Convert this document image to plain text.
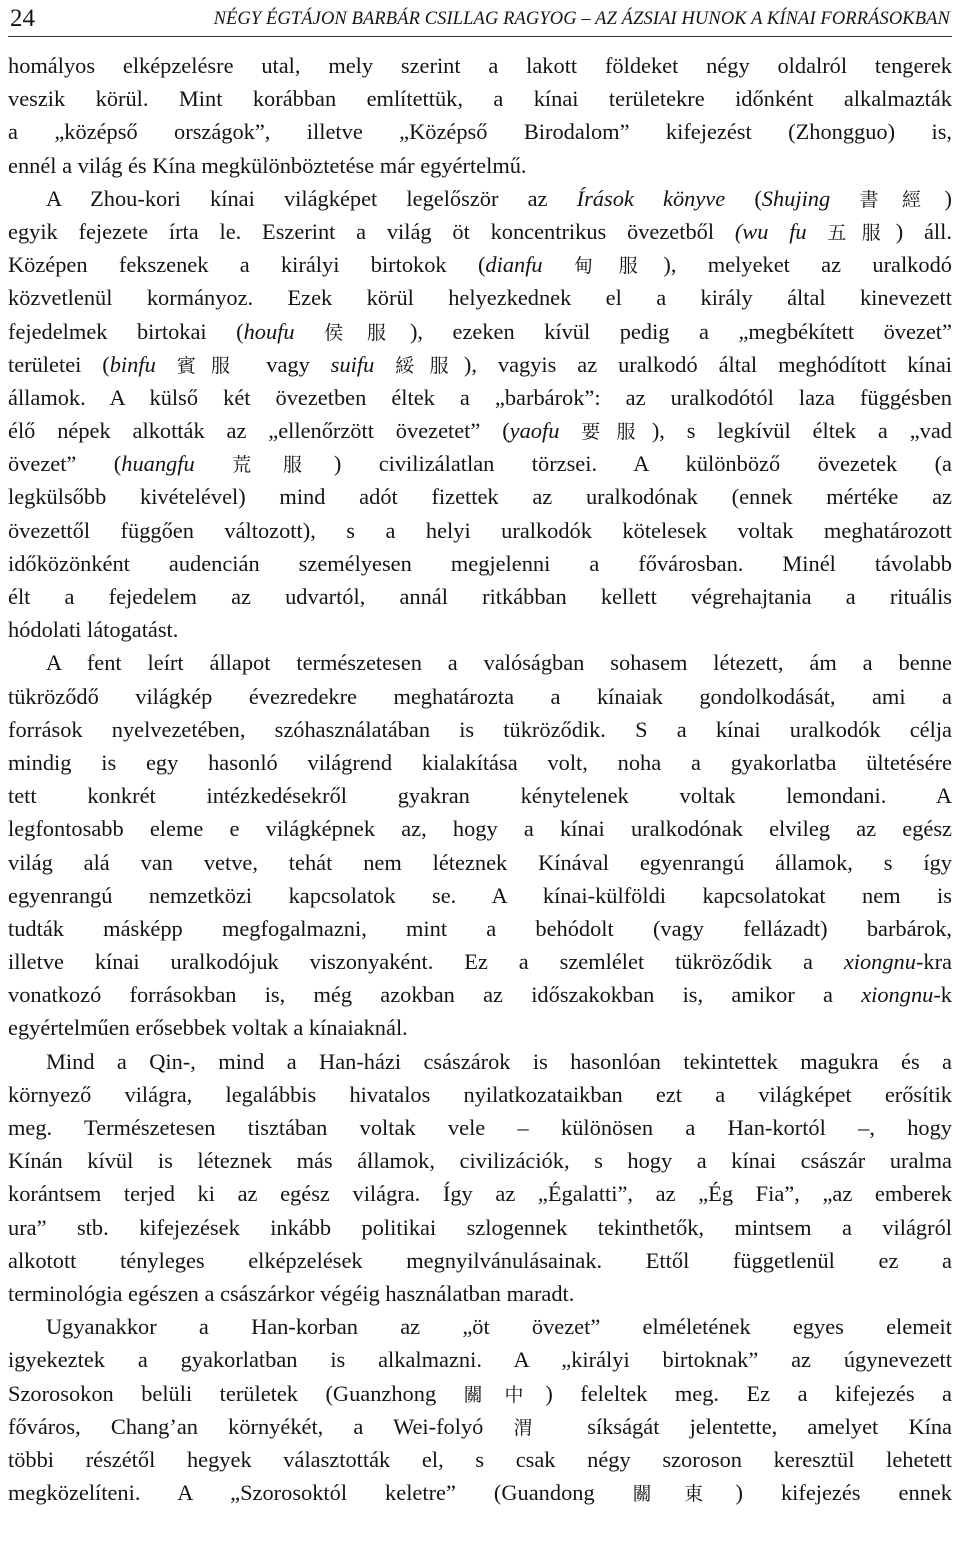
24	NÉGY ÉGTÁJON BARBÁR CSILLAG RAGYOG – AZ ÁZSIAI HUNOK A KÍNAI FORRÁSOKBAN
homályos elképzelésre utal, mely szerint a lakott földeket négy oldalról tengerek
veszik körül. Mint korábban említettük, a kínai területekre időnként alkalmazták
a „középső országok”, illetve „Középső Birodalom” kifejezést (Zhongguo) is,
ennél a világ és Kína megkülönböztetése már egyértelmű.
A Zhou-kori kínai világképet legelőször az Írások könyve (Shujing 書經)
egyik fejezete írta le. Eszerint a világ öt koncentrikus övezetből (wu fu 五服) áll.
Középen fekszenek a királyi birtokok (dianfu 甸服), melyeket az uralkodó
közvetlenül kormányoz. Ezek körül helyezkednek el a király által kinevezett
fejedelmek birtokai (houfu 侯服), ezeken kívül pedig a „megbékített övezet”
területei (binfu 賓服 vagy suifu 綏服), vagyis az uralkodó által meghódított kínai
államok. A külső két övezetben éltek a „barbárok”: az uralkodótól laza függésben
élő népek alkották az „ellenőrzött övezetet” (yaofu 要服), s legkívül éltek a „vad
övezet” (huangfu 荒服) civilizálatlan törzsei. A különböző övezetek (a
legkülsőbb kivételével) mind adót fizettek az uralkodónak (ennek mértéke az
övezettől függően változott), s a helyi uralkodók kötelesek voltak meghatározott
időközönként audencián személyesen megjelenni a fővárosban. Minél távolabb
élt a fejedelem az udvartól, annál ritkábban kellett végrehajtania a rituális
hódolati látogatást.
A fent leírt állapot természetesen a valóságban sohasem létezett, ám a benne
tükröződő világkép évezredekre meghatározta a kínaiak gondolkodását, ami a
források nyelvezetében, szóhasználatában is tükröződik. S a kínai uralkodók célja
mindig is egy hasonló világrend kialakítása volt, noha a gyakorlatba ültetésére
tett konkrét intézkedésekről gyakran kénytelenek voltak lemondani. A
legfontosabb eleme e világképnek az, hogy a kínai uralkodónak elvileg az egész
világ alá van vetve, tehát nem léteznek Kínával egyenrangú államok, s így
egyenrangú nemzetközi kapcsolatok se. A kínai-külföldi kapcsolatokat nem is
tudták másképp megfogalmazni, mint a behódolt (vagy fellázadt) barbárok,
illetve kínai uralkodójuk viszonyaként. Ez a szemlélet tükröződik a xiongnu-kra
vonatkozó forrásokban is, még azokban az időszakokban is, amikor a xiongnu-k
egyértelműen erősebbek voltak a kínaiaknál.
Mind a Qin-, mind a Han-házi császárok is hasonlóan tekintettek magukra és a
környező világra, legalábbis hivatalos nyilatkozataikban ezt a világképet erősítik
meg. Természetesen tisztában voltak vele – különösen a Han-kortól –, hogy
Kínán kívül is léteznek más államok, civilizációk, s hogy a kínai császár uralma
korántsem terjed ki az egész világra. Így az „Égalatti”, az „Ég Fia”, „az emberek
ura” stb. kifejezések inkább politikai szlogennek tekinthetők, mintsem a világról
alkotott tényleges elképzelések megnyilvánulásainak. Ettől függetlenül ez a
terminológia egészen a császárkor végéig használatban maradt.
Ugyanakkor a Han-korban az „öt övezet” elméletének egyes elemeit
igyekeztek a gyakorlatban is alkalmazni. A „királyi birtoknak” az úgynevezett
Szorosokon belüli területek (Guanzhong 關中) feleltek meg. Ez a kifejezés a
főváros, Chang’an környékét, a Wei-folyó 渭 síkságát jelentette, amelyet Kína
többi részétől hegyek választották el, s csak négy szoroson keresztül lehetett
megközelíteni. A „Szorosoktól keletre” (Guandong 關東) kifejezés ennek
